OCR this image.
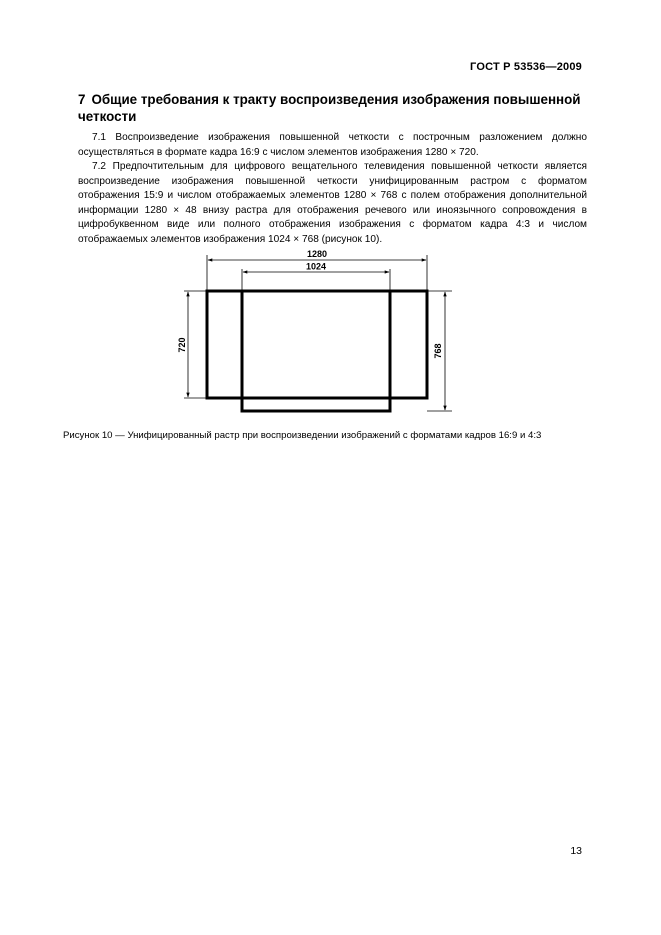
ГОСТ Р 53536—2009
7 Общие требования к тракту воспроизведения изображения повышенной четкости

7.1 Воспроизведение изображения повышенной четкости с построчным разложением должно осуществляться в формате кадра 16:9 с числом элементов изображения 1280 × 720.

7.2 Предпочтительным для цифрового вещательного телевидения повышенной четкости является воспроизведение изображения повышенной четкости унифицированным растром с форматом отображения 15:9 и числом отображаемых элементов 1280 × 768 с полем отображения дополнительной информации 1280 × 48 внизу растра для отображения речевого или иноязычного сопровождения в цифробуквенном виде или полного отображения изображения с форматом кадра 4:3 и числом отображаемых элементов изображения 1024 × 768 (рисунок 10).

1280
1024
720	768
Рисунок 10 — Унифицированный растр при воспроизведении изображений с форматами кадров 16:9 и 4:3
13
